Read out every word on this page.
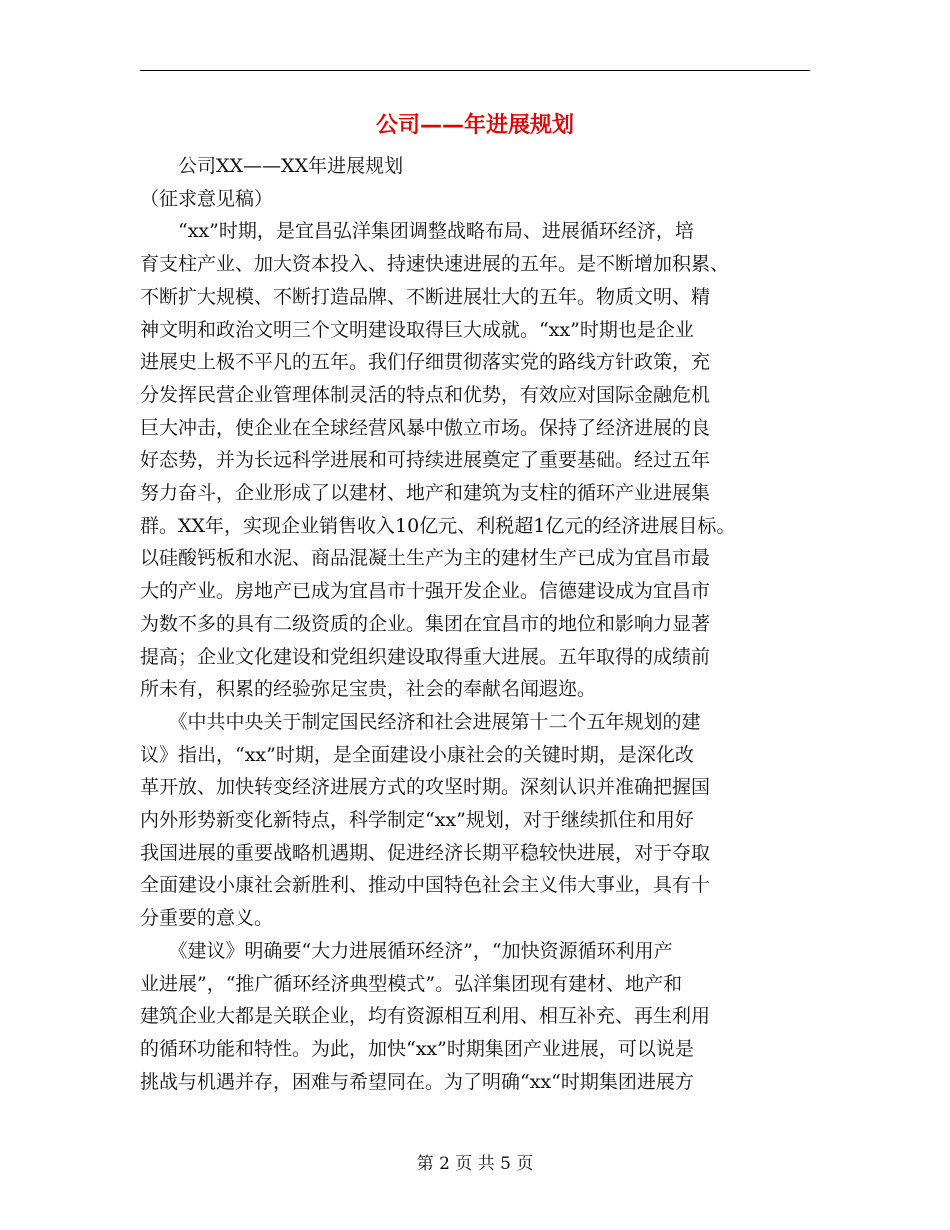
公司——年进展规划
　　公司XX——XX年进展规划
（征求意见稿）
　　“xx”时期，是宜昌弘洋集团调整战略布局、进展循环经济，培
育支柱产业、加大资本投入、持速快速进展的五年。是不断增加积累、
不断扩大规模、不断打造品牌、不断进展壮大的五年。物质文明、精
神文明和政治文明三个文明建设取得巨大成就。“xx”时期也是企业
进展史上极不平凡的五年。我们仔细贯彻落实党的路线方针政策，充
分发挥民营企业管理体制灵活的特点和优势，有效应对国际金融危机
巨大冲击，使企业在全球经营风暴中傲立市场。保持了经济进展的良
好态势，并为长远科学进展和可持续进展奠定了重要基础。经过五年
努力奋斗，企业形成了以建材、地产和建筑为支柱的循环产业进展集
群。XX年，实现企业销售收入10亿元、利税超1亿元的经济进展目标。
以硅酸钙板和水泥、商品混凝土生产为主的建材生产已成为宜昌市最
大的产业。房地产已成为宜昌市十强开发企业。信德建设成为宜昌市
为数不多的具有二级资质的企业。集团在宜昌市的地位和影响力显著
提高；企业文化建设和党组织建设取得重大进展。五年取得的成绩前
所未有，积累的经验弥足宝贵，社会的奉献名闻遐迩。
　　《中共中央关于制定国民经济和社会进展第十二个五年规划的建
议》指出，“xx”时期，是全面建设小康社会的关键时期，是深化改
革开放、加快转变经济进展方式的攻坚时期。深刻认识并准确把握国
内外形势新变化新特点，科学制定“xx”规划，对于继续抓住和用好
我国进展的重要战略机遇期、促进经济长期平稳较快进展，对于夺取
全面建设小康社会新胜利、推动中国特色社会主义伟大事业，具有十
分重要的意义。
　　《建议》明确要“大力进展循环经济”，“加快资源循环利用产
业进展”，“推广循环经济典型模式”。弘洋集团现有建材、地产和
建筑企业大都是关联企业，均有资源相互利用、相互补充、再生利用
的循环功能和特性。为此，加快“xx”时期集团产业进展，可以说是
挑战与机遇并存，困难与希望同在。为了明确“xx“时期集团进展方
第 2 页 共 5 页
